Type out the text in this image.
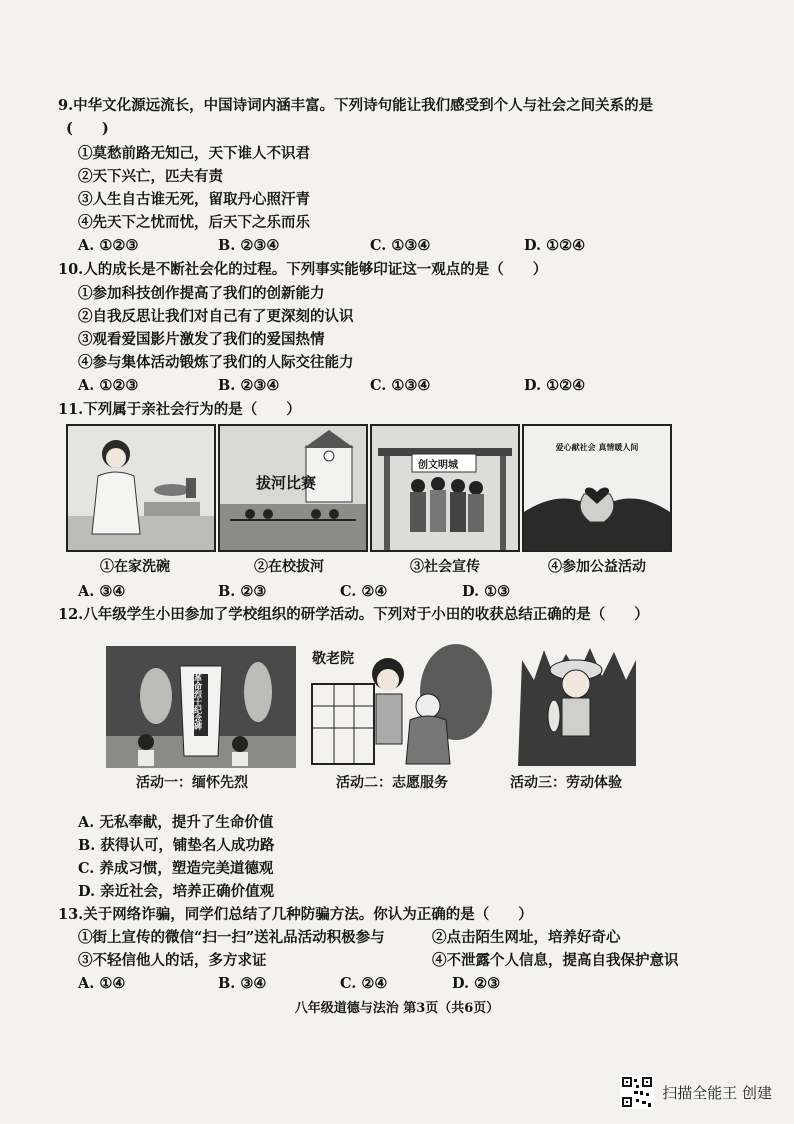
9.中华文化源远流长，中国诗词内涵丰富。下列诗句能让我们感受到个人与社会之间关系的是
(　　)
①莫愁前路无知己，天下谁人不识君
②天下兴亡，匹夫有责
③人生自古谁无死，留取丹心照汗青
④先天下之忧而忧，后天下之乐而乐
A. ①②③	B. ②③④	C. ①③④	D. ①②④
10.人的成长是不断社会化的过程。下列事实能够印证这一观点的是（　　）
①参加科技创作提高了我们的创新能力
②自我反思让我们对自己有了更深刻的认识
③观看爱国影片激发了我们的爱国热情
④参与集体活动锻炼了我们的人际交往能力
A. ①②③	B. ②③④	C. ①③④	D. ①②④
11.下列属于亲社会行为的是（　　）
拔河比赛
创文明城
爱心献社会 真情暖人间
①在家洗碗	②在校拔河	③社会宣传	④参加公益活动
A. ③④	B. ②③	C. ②④	D. ①③
12.八年级学生小田参加了学校组织的研学活动。下列对于小田的收获总结正确的是（　　）
革命烈士纪念碑
敬老院
活动一：缅怀先烈	活动二：志愿服务	活动三：劳动体验
A. 无私奉献，提升了生命价值
B. 获得认可，铺垫名人成功路
C. 养成习惯，塑造完美道德观
D. 亲近社会，培养正确价值观
13.关于网络诈骗，同学们总结了几种防骗方法。你认为正确的是（　　）
①街上宣传的微信“扫一扫”送礼品活动积极参与	②点击陌生网址，培养好奇心
③不轻信他人的话，多方求证	④不泄露个人信息，提高自我保护意识
A. ①④	B. ③④	C. ②④	D. ②③
八年级道德与法治 第3页（共6页）
扫描全能王 创建
